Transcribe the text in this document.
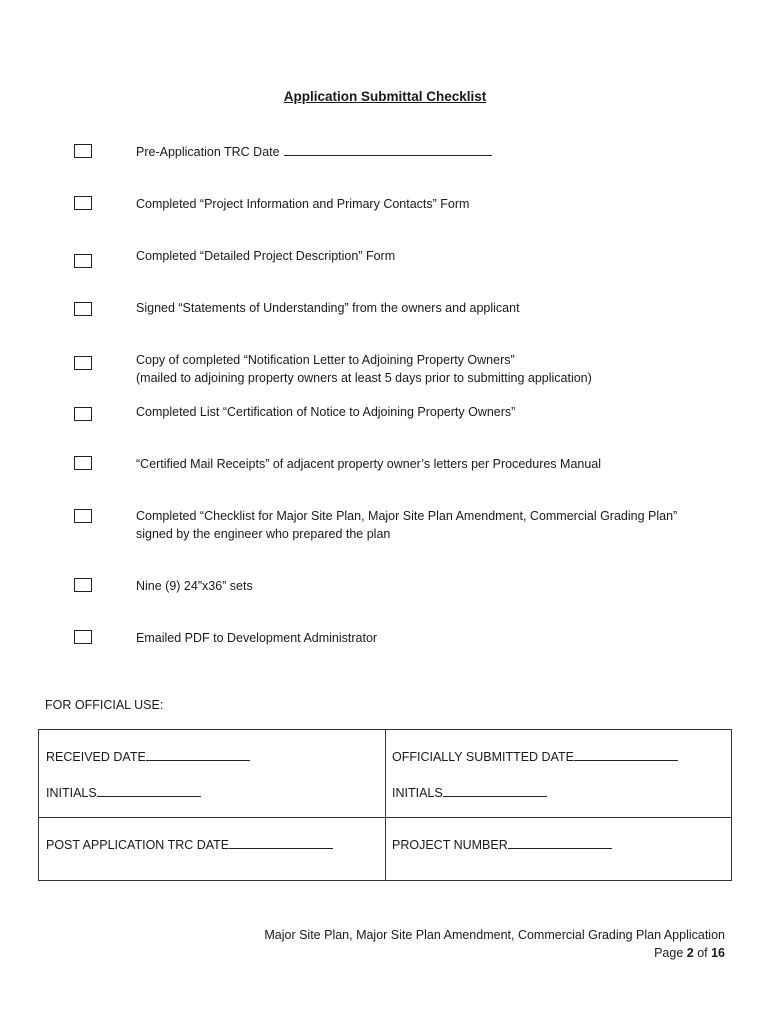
Application Submittal Checklist
Pre-Application TRC Date
Completed “Project Information and Primary Contacts” Form
Completed “Detailed Project Description” Form
Signed “Statements of Understanding” from the owners and applicant
Copy of completed “Notification Letter to Adjoining Property Owners”
(mailed to adjoining property owners at least 5 days prior to submitting application)
Completed List “Certification of Notice to Adjoining Property Owners”
“Certified Mail Receipts” of adjacent property owner’s letters per Procedures Manual
Completed “Checklist for Major Site Plan, Major Site Plan Amendment, Commercial Grading Plan”
signed by the engineer who prepared the plan
Nine (9) 24”x36” sets
Emailed PDF to Development Administrator
FOR OFFICIAL USE:
RECEIVED DATE	OFFICIALLY SUBMITTED DATE
INITIALS	INITIALS
POST APPLICATION TRC DATE	PROJECT NUMBER
Major Site Plan, Major Site Plan Amendment, Commercial Grading Plan Application
Page 2 of 16
